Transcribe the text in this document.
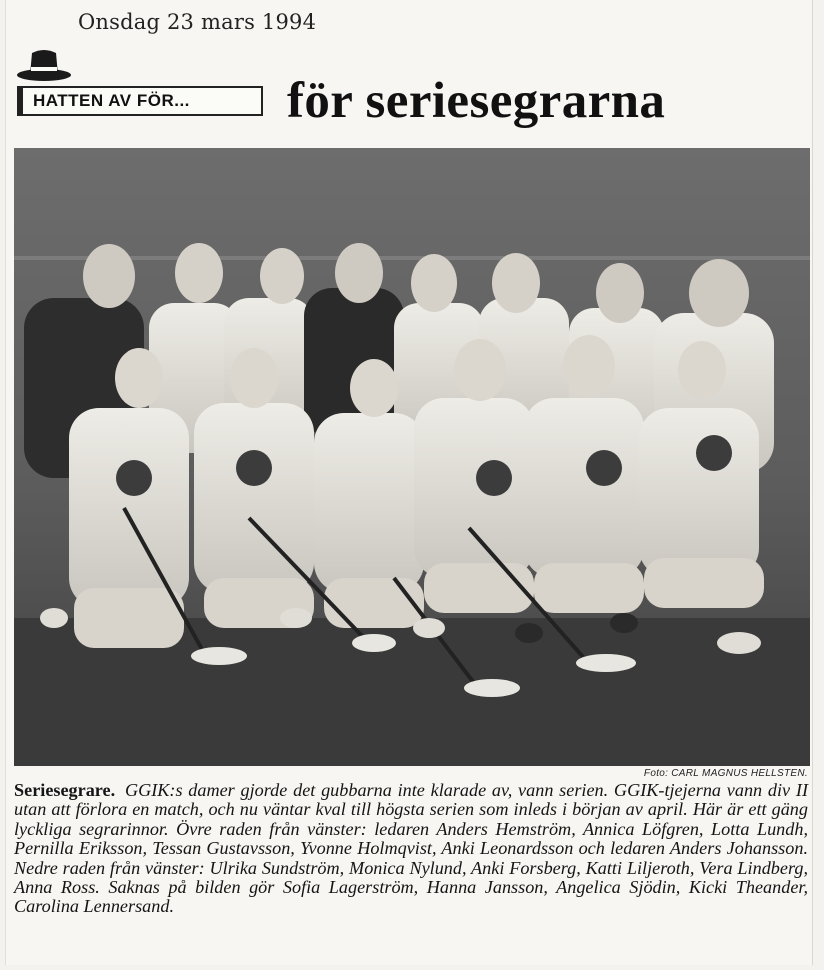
Onsdag 23 mars 1994
HATTEN AV FÖR... för seriesegrarna
Foto: CARL MAGNUS HELLSTEN.
Seriesegrare. GGIK:s damer gjorde det gubbarna inte klarade av, vann serien. GGIK-tjejerna vann div II utan att förlora en match, och nu väntar kval till högsta serien som inleds i början av april. Här är ett gäng lyckliga segrarinnor. Övre raden från vänster: ledaren Anders Hemström, Annica Löfgren, Lotta Lundh, Pernilla Eriksson, Tessan Gustavsson, Yvonne Holmqvist, Anki Leonardsson och ledaren Anders Johansson. Nedre raden från vänster: Ulrika Sundström, Monica Nylund, Anki Forsberg, Katti Liljeroth, Vera Lindberg, Anna Ross. Saknas på bilden gör Sofia Lagerström, Hanna Jansson, Angelica Sjödin, Kicki Theander, Carolina Lennersand.
